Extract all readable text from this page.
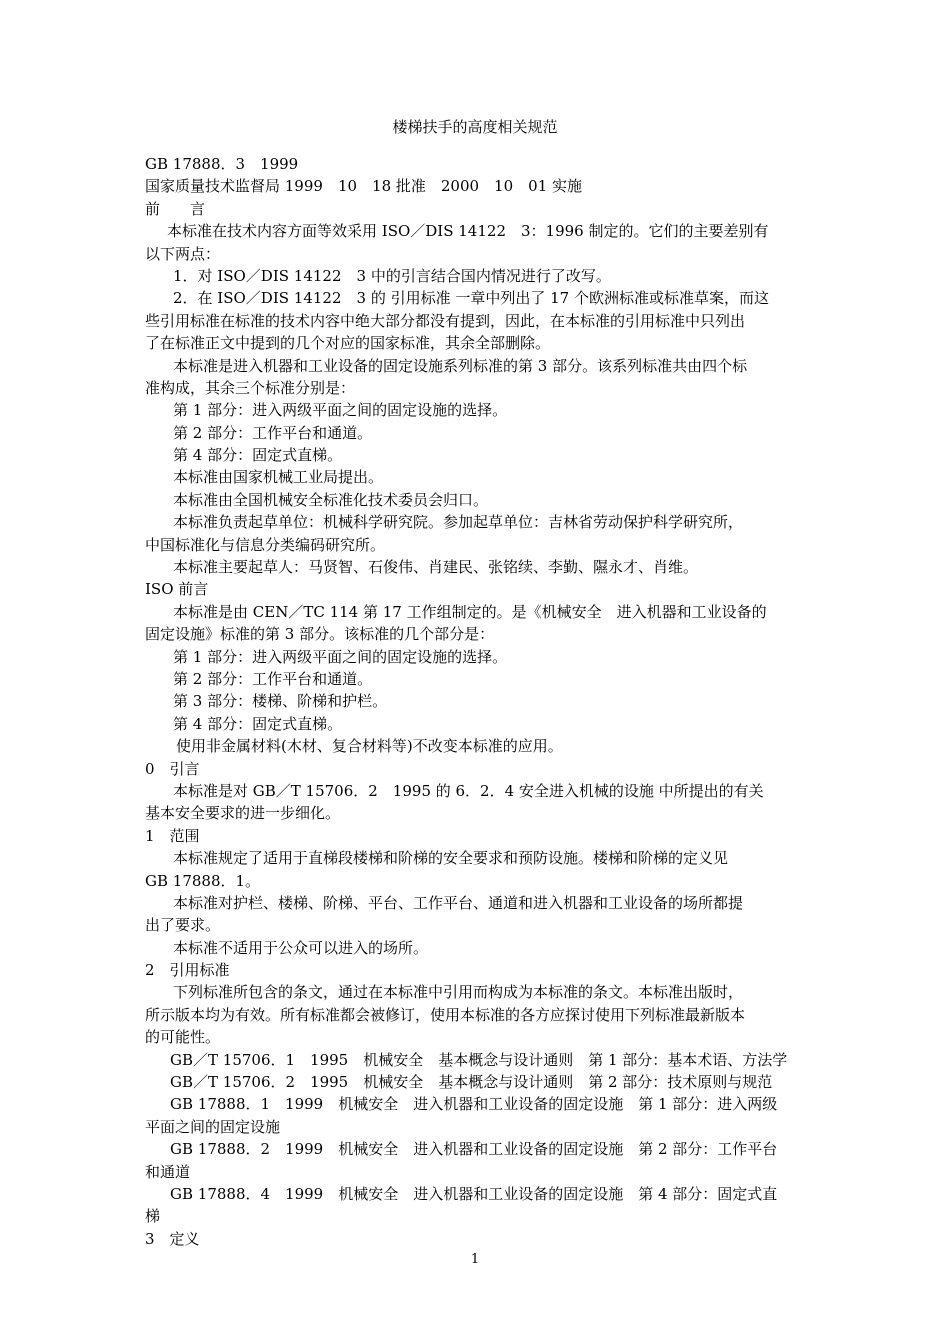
楼梯扶手的高度相关规范
GB 17888．3　1999
国家质量技术监督局 1999　10　18 批准　2000　10　01 实施
前　　言
本标准在技术内容方面等效采用 ISO／DIS 14122　3：1996 制定的。它们的主要差别有
以下两点：
1．对 ISO／DIS 14122　3 中的引言结合国内情况进行了改写。
2．在 ISO／DIS 14122　3 的 引用标准 一章中列出了 17 个欧洲标准或标准草案，而这
些引用标准在标准的技术内容中绝大部分都没有提到，因此，在本标准的引用标准中只列出
了在标准正文中提到的几个对应的国家标准，其余全部删除。
本标准是进入机器和工业设备的固定设施系列标准的第 3 部分。该系列标准共由四个标
准构成，其余三个标准分别是：
第 1 部分：进入两级平面之间的固定设施的选择。
第 2 部分：工作平台和通道。
第 4 部分：固定式直梯。
本标准由国家机械工业局提出。
本标准由全国机械安全标准化技术委员会归口。
本标准负责起草单位：机械科学研究院。参加起草单位：吉林省劳动保护科学研究所，
中国标准化与信息分类编码研究所。
本标准主要起草人：马贤智、石俊伟、肖建民、张铭续、李勤、隰永才、肖维。
ISO 前言
本标准是由 CEN／TC 114 第 17 工作组制定的。是《机械安全　进入机器和工业设备的
固定设施》标准的第 3 部分。该标准的几个部分是：
第 1 部分：进入两级平面之间的固定设施的选择。
第 2 部分：工作平台和通道。
第 3 部分：楼梯、阶梯和护栏。
第 4 部分：固定式直梯。
使用非金属材料(木材、复合材料等)不改变本标准的应用。
0　引言
本标准是对 GB／T 15706．2　1995 的 6．2．4 安全进入机械的设施 中所提出的有关
基本安全要求的进一步细化。
1　范围
本标准规定了适用于直梯段楼梯和阶梯的安全要求和预防设施。楼梯和阶梯的定义见
GB 17888．1。
本标准对护栏、楼梯、阶梯、平台、工作平台、通道和进入机器和工业设备的场所都提
出了要求。
本标准不适用于公众可以进入的场所。
2　引用标准
下列标准所包含的条文，通过在本标准中引用而构成为本标准的条文。本标准出版时，
所示版本均为有效。所有标准都会被修订，使用本标准的各方应探讨使用下列标准最新版本
的可能性。
GB／T 15706．1　1995　机械安全　基本概念与设计通则　第 1 部分：基本术语、方法学
GB／T 15706．2　1995　机械安全　基本概念与设计通则　第 2 部分：技术原则与规范
GB 17888．1　1999　机械安全　进入机器和工业设备的固定设施　第 1 部分：进入两级
平面之间的固定设施
GB 17888．2　1999　机械安全　进入机器和工业设备的固定设施　第 2 部分：工作平台
和通道
GB 17888．4　1999　机械安全　进入机器和工业设备的固定设施　第 4 部分：固定式直
梯
3　定义
1
